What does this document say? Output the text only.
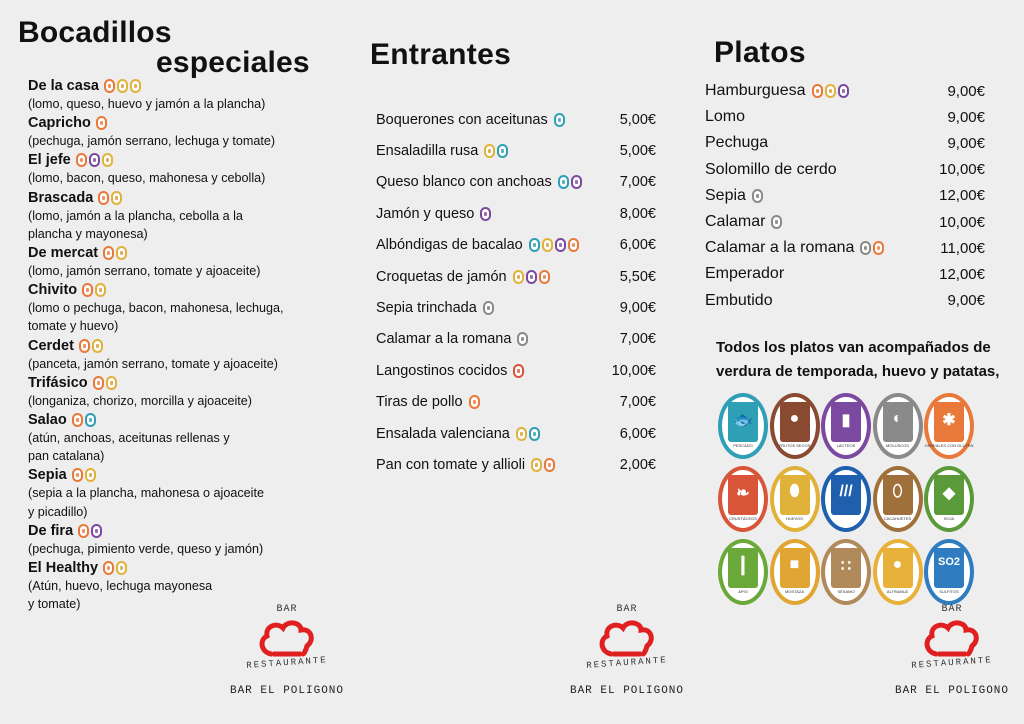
Bocadillos
especiales
De la casa
(lomo, queso, huevo y jamón a la plancha)
Capricho
(pechuga, jamón serrano, lechuga y tomate)
El jefe
(lomo, bacon, queso, mahonesa y cebolla)
Brascada
(lomo, jamón a la plancha, cebolla a la
plancha y mayonesa)
De mercat
(lomo, jamón serrano, tomate y ajoaceite)
Chivito
(lomo o pechuga, bacon, mahonesa, lechuga,
tomate y huevo)
Cerdet
(panceta, jamón serrano, tomate y ajoaceite)
Trifásico
(longaniza, chorizo, morcilla y ajoaceite)
Salao
(atún, anchoas, aceitunas rellenas y
pan catalana)
Sepia
(sepia a la plancha, mahonesa o ajoaceite
y picadillo)
De fira
(pechuga, pimiento verde, queso y jamón)
El Healthy
(Atún, huevo, lechuga mayonesa
y tomate)
Entrantes
Boquerones con aceitunas	5,00€
Ensaladilla rusa	5,00€
Queso blanco con anchoas	7,00€
Jamón y queso	8,00€
Albóndigas de bacalao	6,00€
Croquetas de jamón	5,50€
Sepia trinchada	9,00€
Calamar a la romana	7,00€
Langostinos cocidos	10,00€
Tiras de pollo	7,00€
Ensalada valenciana	6,00€
Pan con tomate y allioli	2,00€
Platos
Hamburguesa	9,00€
Lomo	9,00€
Pechuga	9,00€
Solomillo de cerdo	10,00€
Sepia	12,00€
Calamar	10,00€
Calamar a la romana	11,00€
Emperador	12,00€
Embutido	9,00€
Todos los platos van acompañados de
verdura de temporada, huevo y patatas,
🐟
PESCADO
●
FRUTOS SECOS
▮
LÁCTEOS
◐
MOLUSCOS
✱
CEREALES CON GLUTEN
❧
CRUSTÁCEOS
⬮
HUEVOS
///	⬯
CACAHUETES
◆
SOJA
┃
APIO
■
MOSTAZA
∷
SÉSAMO
●
ALTRAMUZ
SO2
SULFITOS
BAR
RESTAURANTE
BAR EL POLIGONO
BAR
RESTAURANTE
BAR EL POLIGONO
BAR
RESTAURANTE
BAR EL POLIGONO
